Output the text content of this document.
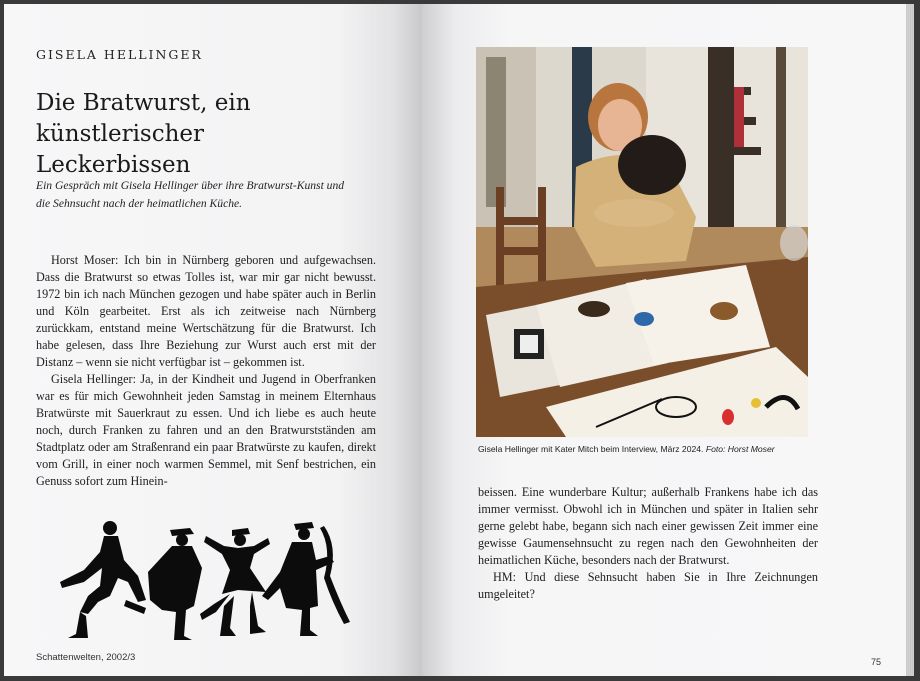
GISELA HELLINGER
Die Bratwurst, ein künstlerischer
Leckerbissen
Ein Gespräch mit Gisela Hellinger über ihre Bratwurst-Kunst und
die Sehnsucht nach der heimatlichen Küche.

Horst Moser: Ich bin in Nürnberg geboren und aufgewachsen. Dass die Bratwurst so etwas Tolles ist, war mir gar nicht bewusst. 1972 bin ich nach München gezogen und habe später auch in Berlin und Köln gearbeitet. Erst als ich zeitweise nach Nürnberg zurückkam, entstand meine Wertschätzung für die Bratwurst. Ich habe gelesen, dass Ihre Beziehung zur Wurst auch erst mit der Distanz – wenn sie nicht verfügbar ist – gekommen ist.

Gisela Hellinger: Ja, in der Kindheit und Jugend in Oberfranken war es für mich Gewohnheit jeden Samstag in meinem Elternhaus Bratwürste mit Sauerkraut zu essen. Und ich liebe es auch heute noch, durch Franken zu fahren und an den Bratwurstständen am Stadtplatz oder am Straßenrand ein paar Bratwürste zu kaufen, direkt vom Grill, in einer noch warmen Semmel, mit Senf bestrichen, ein Genuss sofort zum Hinein-

Schattenwelten, 2002/3
Gisela Hellinger mit Kater Mitch beim Interview, März 2024. Foto: Horst Moser

beissen. Eine wunderbare Kultur; außerhalb Frankens habe ich das immer vermisst. Obwohl ich in München und später in Italien sehr gerne gelebt habe, begann sich nach einer gewissen Zeit immer eine gewisse Gaumensehnsucht zu regen nach den Gewohnheiten der heimatlichen Küche, besonders nach der Bratwurst.

HM: Und diese Sehnsucht haben Sie in Ihre Zeichnungen umgeleitet?

75
